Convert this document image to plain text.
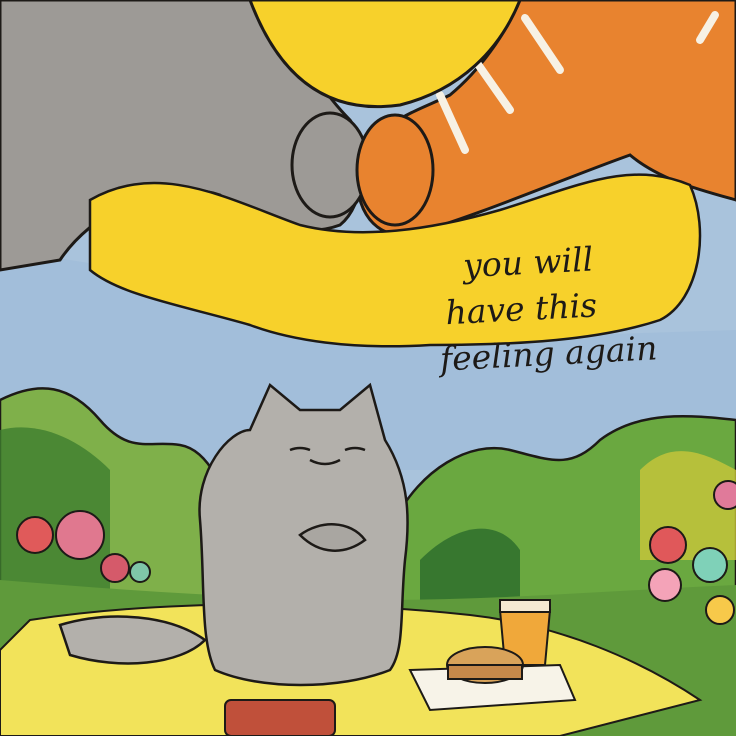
you will
have this
feeling again
